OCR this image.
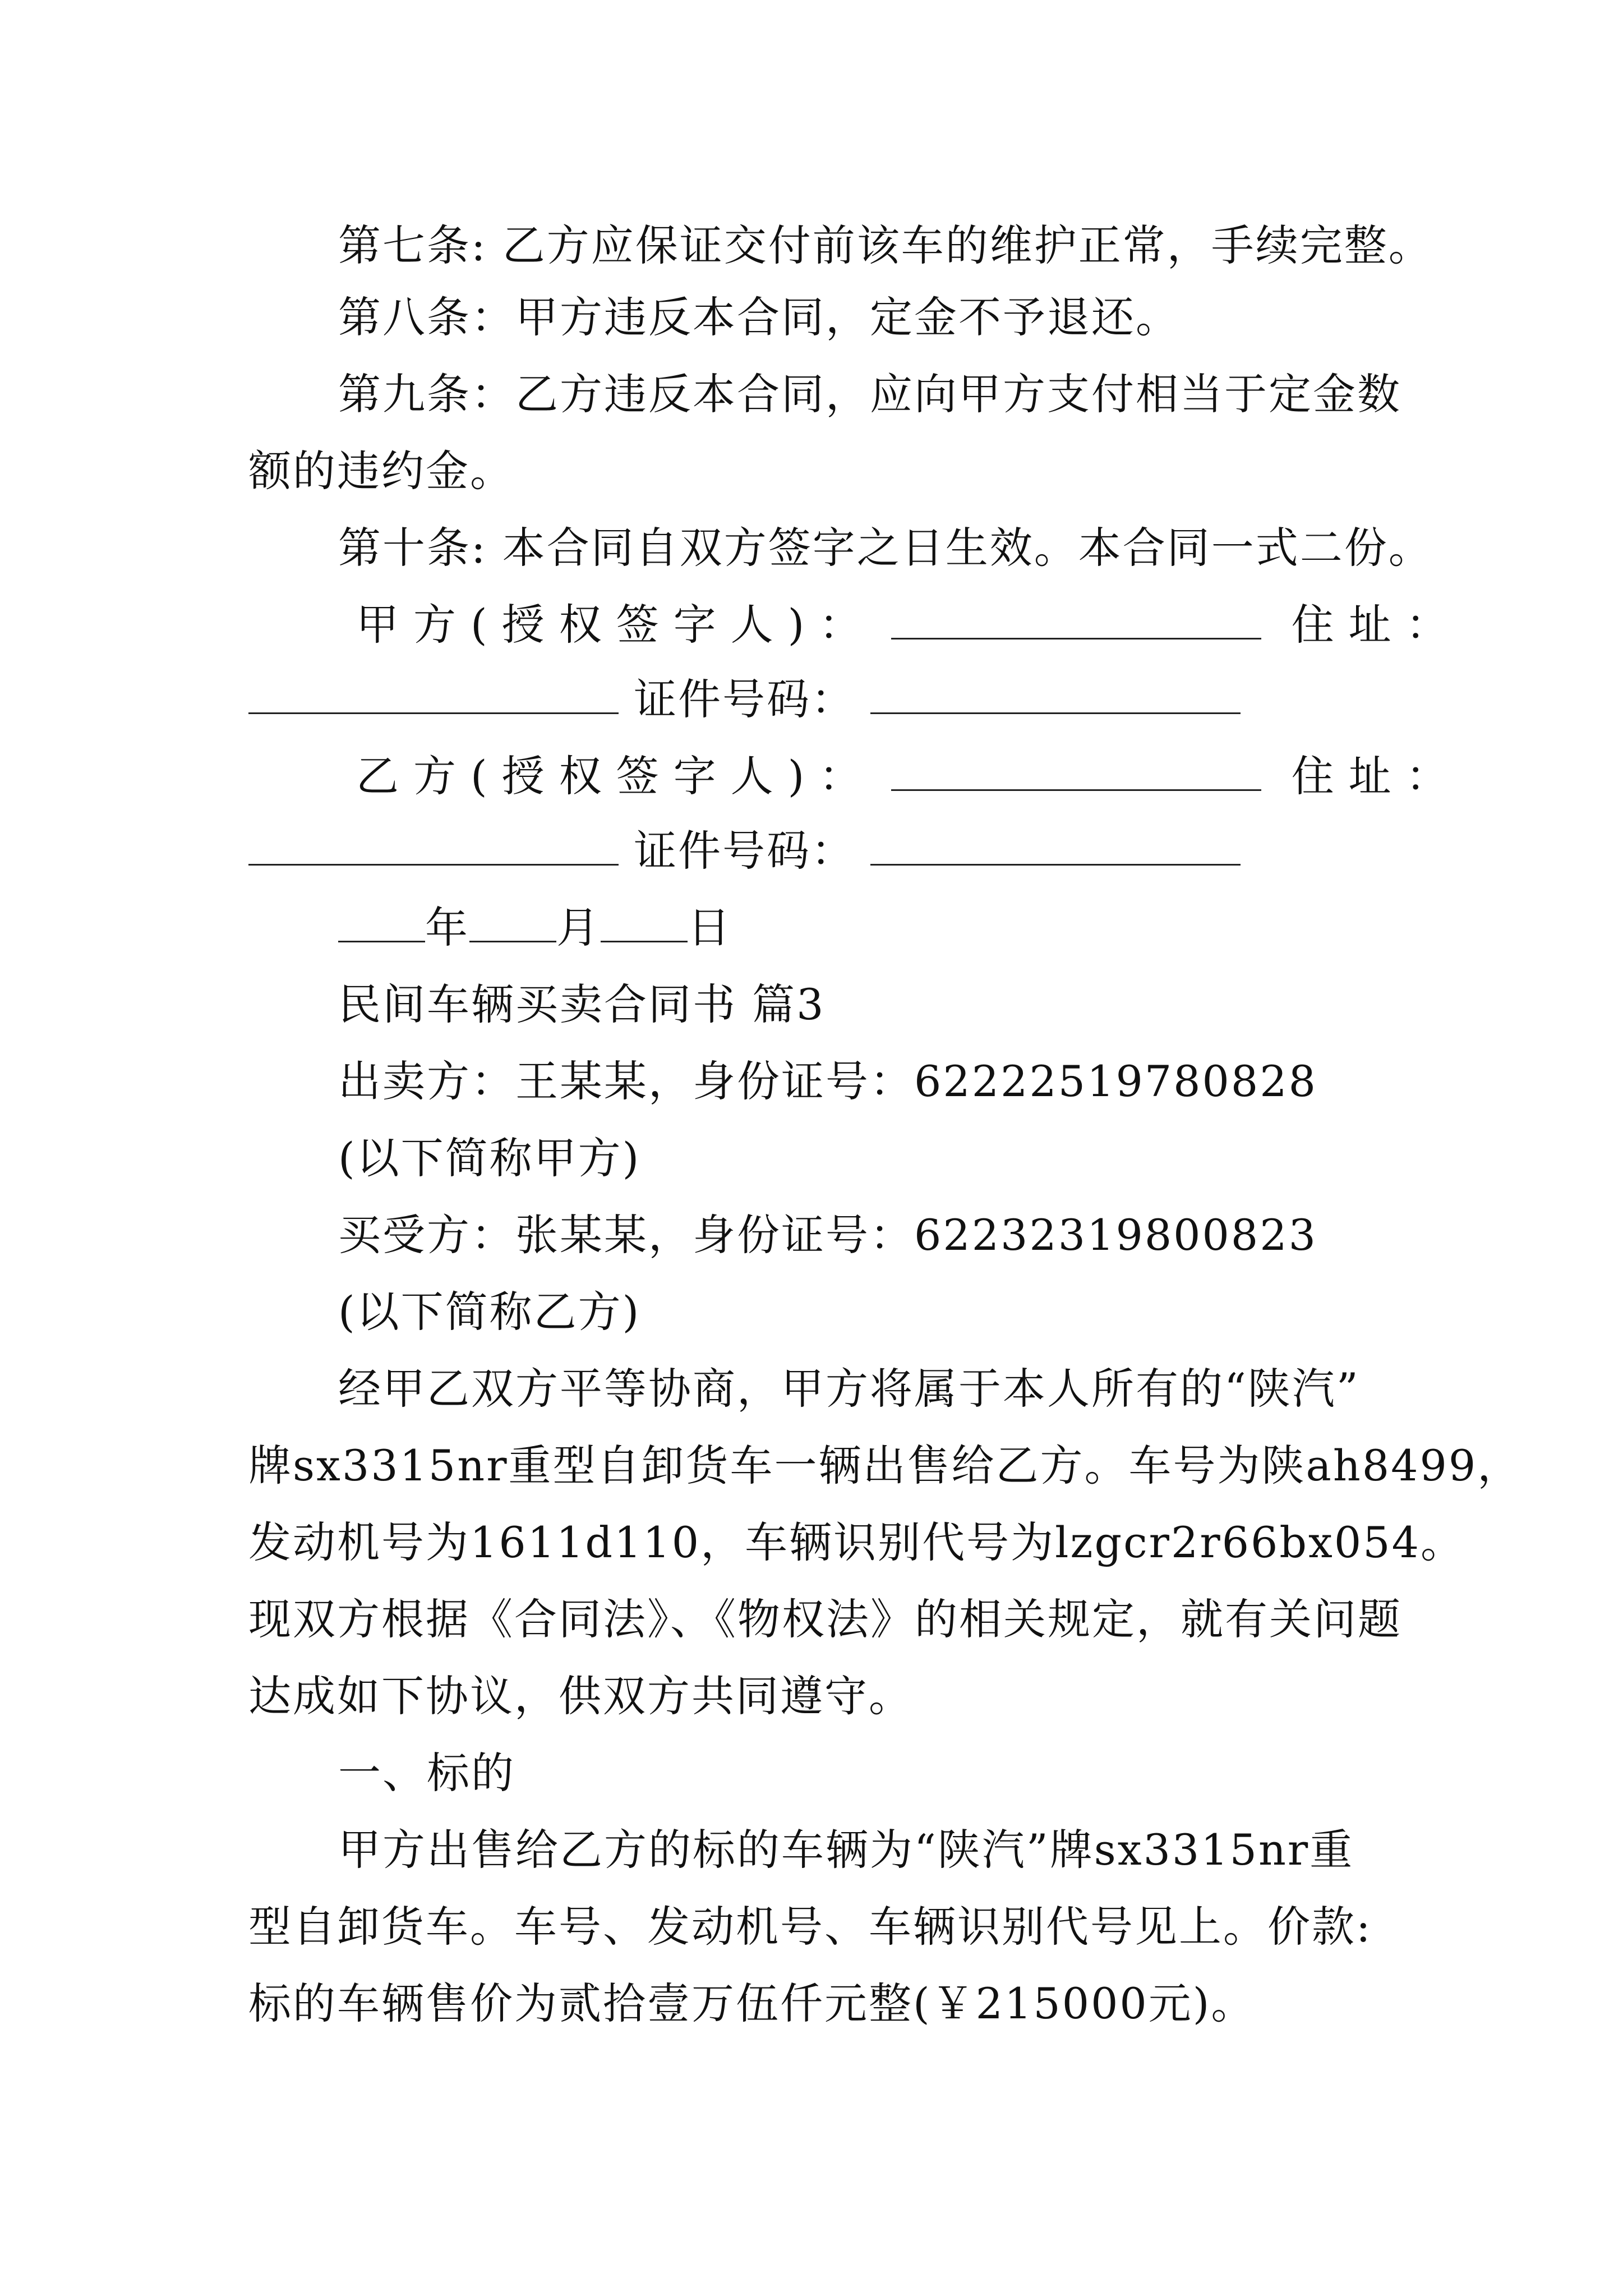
第七条: 乙方应保证交付前该车的维护正常，手续完整。
第八条：甲方违反本合同，定金不予退还。
第九条：乙方违反本合同，应向甲方支付相当于定金数
额的违约金。
第十条: 本合同自双方签字之日生效。本合同一式二份。
甲方(授权签字人)：	住址：
证件号码：
乙方(授权签字人)：	住址：
证件号码：
年 月 日
民间车辆买卖合同书 篇3
出卖方：王某某，身份证号：62222519780828
(以下简称甲方)
买受方：张某某，身份证号：62232319800823
(以下简称乙方)
经甲乙双方平等协商，甲方将属于本人所有的“陕汽”
牌sx3315nr重型自卸货车一辆出售给乙方。车号为陕ah8499，
发动机号为1611d110，车辆识别代号为lzgcr2r66bx054。
现双方根据《合同法》、《物权法》的相关规定，就有关问题
达成如下协议，供双方共同遵守。
一、标的
甲方出售给乙方的标的车辆为“陕汽”牌sx3315nr重
型自卸货车。车号、发动机号、车辆识别代号见上。价款:
标的车辆售价为贰拾壹万伍仟元整(￥215000元)。
